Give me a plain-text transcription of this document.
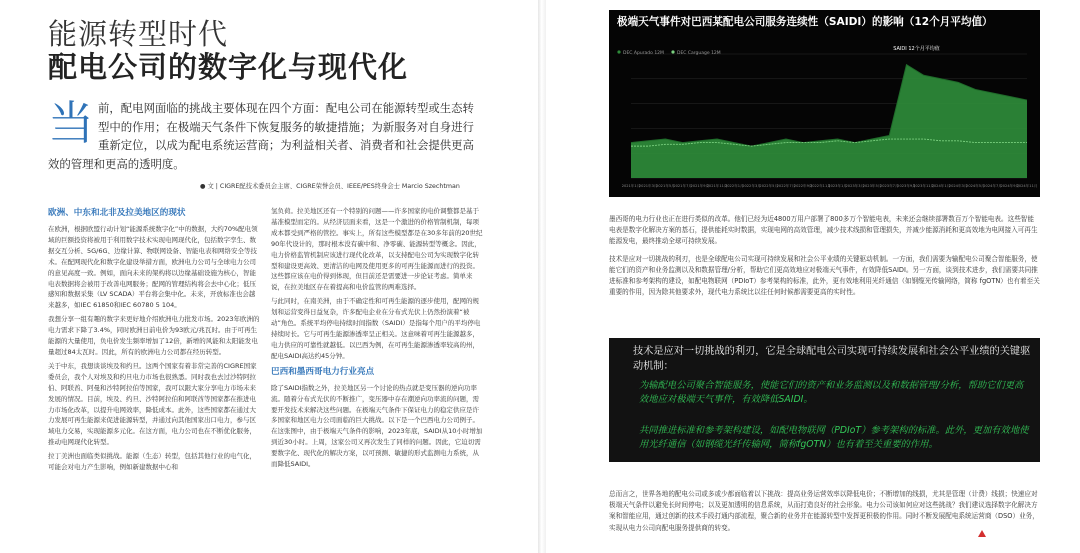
能源转型时代
配电公司的数字化与现代化
当 前，配电网面临的挑战主要体现在四个方面：配电公司在能源转型或生态转
型中的作用；在极端天气条件下恢复服务的敏捷措施；为新服务对自身进行
重新定位，以成为配电系统运营商；为利益相关者、消费者和社会提供更高
效的管理和更高的透明度。
● 文 | CIGRE配技术委员会主席、CIGRE荣誉会员、IEEE/PES终身会士 Marcio Szechtman
欧洲、中东和北非及拉美地区的现状

在欧洲，根据欧盟行动计划“能源系统数字化”中的数据，大约70%配电领域的巨额投资将被用于利用数字技术实现电网现代化，包括数字孪生、数据交互分析、5G/6G、边缘计算、物联网设备、智能电表和网络安全等技术。在配网现代化和数字化建设举措方面，欧洲电力公司与全球电力公司的意见高度一致。例如，面向未来的架构将以边缘基础设施为核心，智能电表数据将会被用于改善电网服务；配网的管理结构将会去中心化；低压感知和数据采集（LV SCADA）平台将会集中化。未来，开放标准也会越来越多，如IEC 61850和IEC 60780 5 104。

我想分享一组有趣的数字来更好地介绍欧洲电力批发市场。2023年欧洲的电力需求下降了3.4%，同时欧洲日前电价为93欧元/兆瓦时。由于可再生能源的大量使用，负电价发生频率增加了12倍，新增的风能和太阳能发电量超过84太瓦时。因此，所有的欧洲电力公司都在经历转型。

关于中东，我想谈谈埃及和约旦。这两个国家有着非常完善的CIGRE国家委员会，我个人对埃及和约旦电力市场也很熟悉。同时我也去过沙特阿拉伯、阿联酋、阿曼和沙特阿拉伯等国家，我可以跟大家分享电力市场未来发展的情况。目前，埃及、约旦、沙特阿拉伯和阿联酋等国家都在推进电力市场化改革，以提升电网效率，降低成本。此外，这些国家都在通过大力发展可再生能源来促进能源转型，并通过向其他国家出口电力，参与区域电力交易，实现能源多元化。在这方面，电力公司也在不断优化服务，推动电网现代化转型。

拉丁美洲也面临类似挑战。能源（生态）转型，包括其他行业的电气化，可能会对电力产生影响，例如新建数据中心和

氢负荷。拉美地区还有一个特别的问题——许多国家的电价调整都是基于基准模型而定的。从经济层面来看，这是一个激进的价格管制机制，每项成本都受到严格的管控。事实上，所有这些模型都是在30多年前的20世纪90年代设计的，那时根本没有碳中和、净零碳、能源转型等概念。因此，电力价格监管机制应该进行现代化改革，以支持配电公司为实现数字化转型和建设更高效、更清洁的电网及使用更多的可再生能源而进行的投资。这些都应该在电价得到体现，但目前还是需要进一步论证考虑。简单来说，在拉美地区存在着提高和电价监管的两难选择。

与此同时，在南美洲，由于不确定性和可再生能源的逐步使用，配网的规划和运营变得日益复杂，许多配电企业在分布式光伏上仍然扮演着“被动”角色。系统平均停电持续时间指数（SAIDI）是指每个用户的平均停电持续时长。它与可再生能源渗透率呈正相关。这意味着可再生能源越多，电力供应的可靠性就越低。以巴西为例，在可再生能源渗透率较高的州，配电SAIDI高达约45分钟。

巴西和墨西哥电力行业亮点

除了SAIDI指数之外，拉美地区另一个讨论的热点就是变压器的逆向功率流。随着分布式光伏的不断推广，变压器中存在潮逆向功率流的问题，需要开发技术来解决这些问题。在极端天气条件下保证电力的稳定供应是许多国家和地区电力公司面临的巨大挑战。以下是一个巴西电力公司例子。在这张图中，由于极端天气条件的影响，2023年底，SAIDI从10小时增加到近30小时。上周，这家公司又再次发生了同样的问题。因此，它迫切需要数字化、现代化的解决方案，以可预测、敏捷的形式监测电力系统，从而降低SAIDI。

DEC Apurado 12M	DEC Carguage 12M
SAIDI 12个月平均值
2021年1月
2021年3月
2021年5月
2021年7月
2021年9月
2021年11月
2022年1月
2022年3月
2022年5月
2022年7月
2022年9月
2022年11月
2023年1月
2023年3月
2023年5月
2023年7月
2023年9月
2023年11月
2024年1月
2024年3月
2024年5月
2024年7月
2024年9月
2024年11月
极端天气事件对巴西某配电公司服务连续性（SAIDI）的影响（12个月平均值）

墨西哥的电力行业也正在进行类似的改革。他们已经为近4800万用户部署了800多万个智能电表，未来还会继续部署数百万个智能电表。这些智能电表是数字化解决方案的基石，提供能耗实时数据，实现电网的高效管理，减少技术线损和管理损失，并减少能源消耗和更高效地为电网接入可再生能源发电，最终推动全球可持续发展。

技术是应对一切挑战的利刃，也是全球配电公司实现可持续发展和社会公平业绩的关键驱动机制。一方面，我们需要为输配电公司聚合智能服务，使能它们的资产和业务监测以及和数据管理/分析，帮助它们更高效地应对极端天气事件，有效降低SAIDI。另一方面，谈到技术进步，我们需要共同推进标准和参考架构的建设，如配电物联网（PDIoT）参考架构的标准，此外，更有效地利用光纤通信（如钢缆光传输网络，简称 fgOTN）也有着至关重要的作用，因为除其他要求外，现代电力系统比以往任何时候都需要更高的实时性。

技术是应对一切挑战的利刃，它是全球配电公司实现可持续发展和社会公平业绩的关键驱动机制：
为输配电公司聚合智能服务，使能它们的资产和业务监测以及和数据管理/分析，帮助它们更高效地应对极端天气事件，有效降低SAIDI。
共同推进标准和参考架构建设，如配电物联网（PDIoT）参考架构的标准。此外，更加有效地使用光纤通信（如钢缆光纤传输网，简称fgOTN）也有着至关重要的作用。

总而言之，世界各地的配电公司或多或少都面临着以下挑战：提高业务运营效率以降低电价；不断增加的线损，尤其是管理（计费）线损；快速应对极端天气条件以避免长时间停电；以及更加透明的信息系统，从而打造良好的社会形象。电力公司该如何应对这些挑战？我们建议选择数字化解决方案和智能应用，通过创新的技术手段打通内部流程，聚合新的业务并在能源转型中发挥更积极的作用。同时不断发展配电系统运营商（DSO）业务，实现从电力公司向配电服务提供商的转变。
